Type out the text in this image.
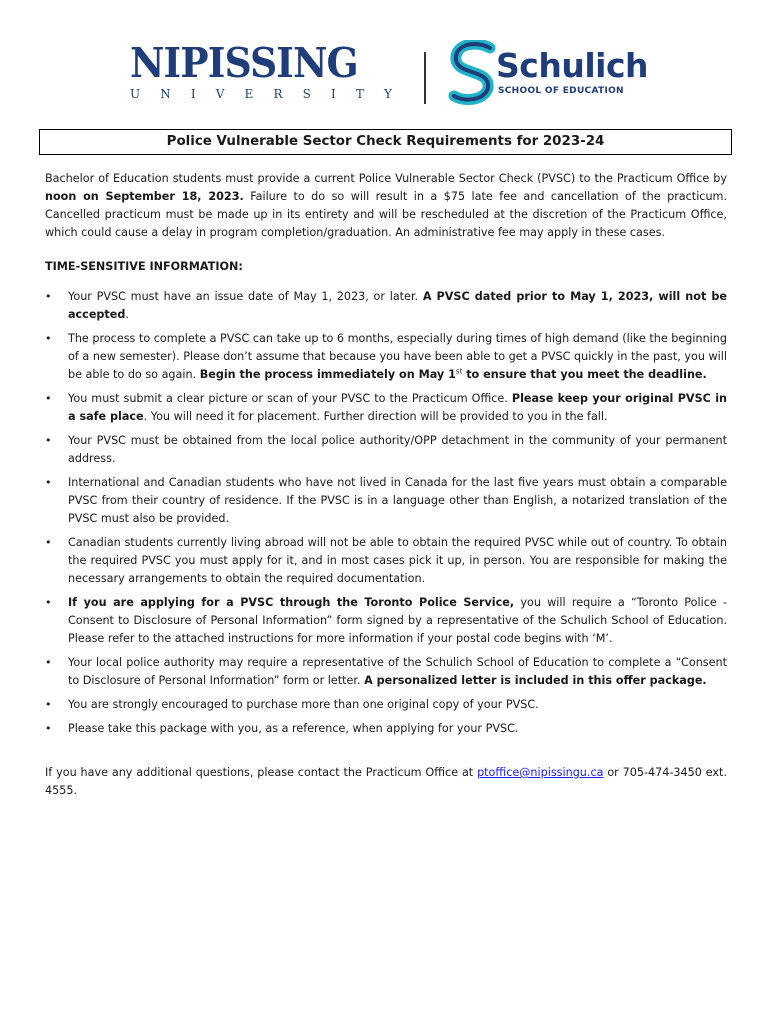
NIPISSING
U N I V E R S I T Y
Schulich
SCHOOL OF EDUCATION
Police Vulnerable Sector Check Requirements for 2023-24

Bachelor of Education students must provide a current Police Vulnerable Sector Check (PVSC) to the Practicum Office by noon on September 18, 2023. Failure to do so will result in a $75 late fee and cancellation of the practicum. Cancelled practicum must be made up in its entirety and will be rescheduled at the discretion of the Practicum Office, which could cause a delay in program completion/graduation. An administrative fee may apply in these cases.

TIME-SENSITIVE INFORMATION:

• Your PVSC must have an issue date of May 1, 2023, or later. A PVSC dated prior to May 1, 2023, will not be accepted.
• The process to complete a PVSC can take up to 6 months, especially during times of high demand (like the beginning of a new semester). Please don’t assume that because you have been able to get a PVSC quickly in the past, you will be able to do so again. Begin the process immediately on May 1st to ensure that you meet the deadline.
• You must submit a clear picture or scan of your PVSC to the Practicum Office. Please keep your original PVSC in a safe place. You will need it for placement. Further direction will be provided to you in the fall.
• Your PVSC must be obtained from the local police authority/OPP detachment in the community of your permanent address.
• International and Canadian students who have not lived in Canada for the last five years must obtain a comparable PVSC from their country of residence. If the PVSC is in a language other than English, a notarized translation of the PVSC must also be provided.
• Canadian students currently living abroad will not be able to obtain the required PVSC while out of country. To obtain the required PVSC you must apply for it, and in most cases pick it up, in person. You are responsible for making the necessary arrangements to obtain the required documentation.
• If you are applying for a PVSC through the Toronto Police Service, you will require a “Toronto Police - Consent to Disclosure of Personal Information” form signed by a representative of the Schulich School of Education. Please refer to the attached instructions for more information if your postal code begins with ‘M’.
• Your local police authority may require a representative of the Schulich School of Education to complete a “Consent to Disclosure of Personal Information” form or letter. A personalized letter is included in this offer package.
• You are strongly encouraged to purchase more than one original copy of your PVSC.
• Please take this package with you, as a reference, when applying for your PVSC.

If you have any additional questions, please contact the Practicum Office at ptoffice@nipissingu.ca or 705-474-3450 ext. 4555.
